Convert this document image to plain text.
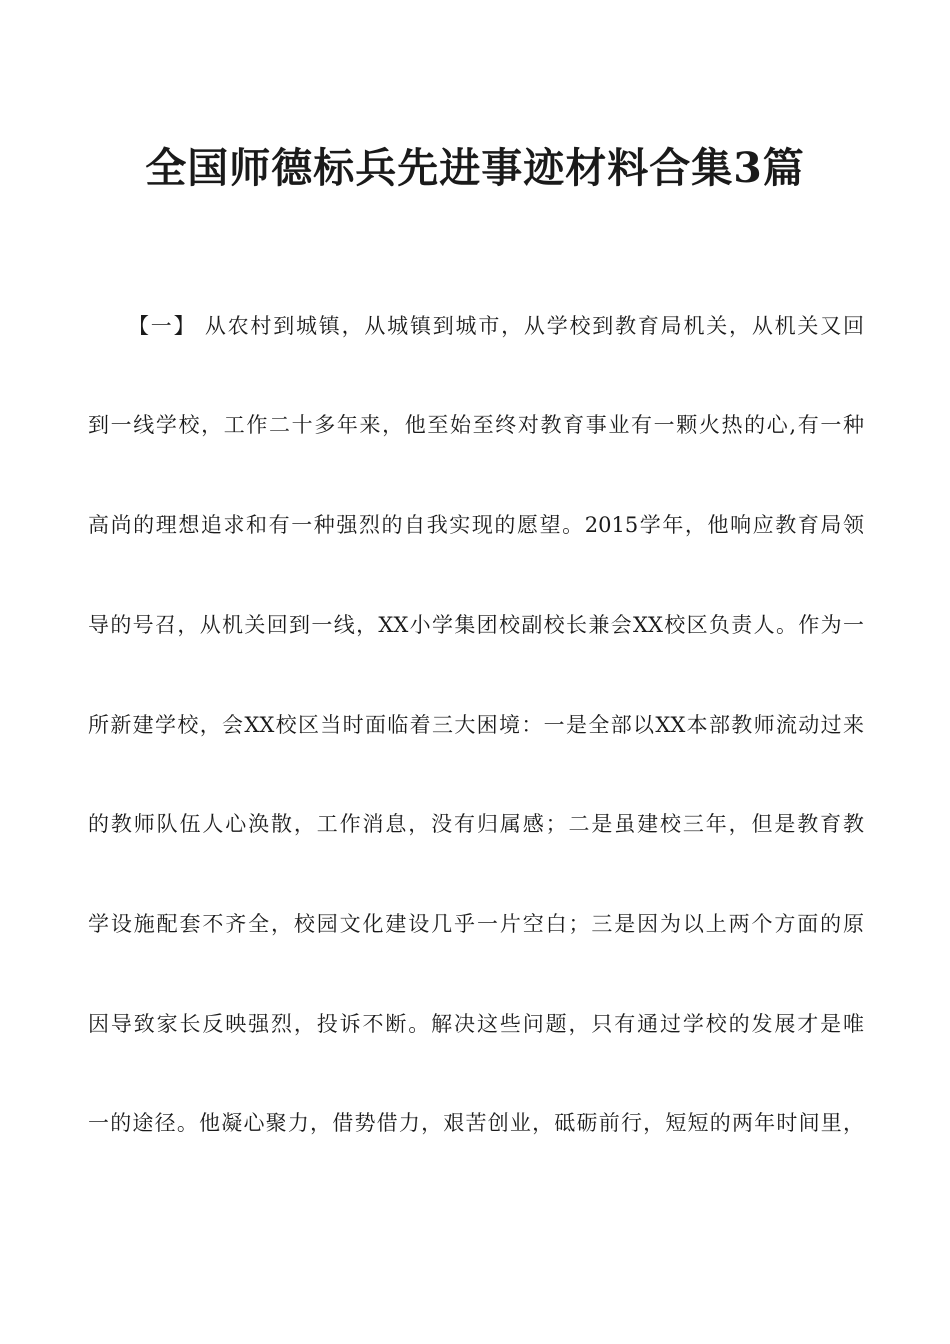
全国师德标兵先进事迹材料合集3篇

【一】 从农村到城镇，从城镇到城市，从学校到教育局机关，从机关又回

到一线学校，工作二十多年来，他至始至终对教育事业有一颗火热的心,有一种

高尚的理想追求和有一种强烈的自我实现的愿望。2015学年，他响应教育局领

导的号召，从机关回到一线，XX小学集团校副校长兼会XX校区负责人。作为一

所新建学校，会XX校区当时面临着三大困境：一是全部以XX本部教师流动过来

的教师队伍人心涣散，工作消息，没有归属感；二是虽建校三年，但是教育教

学设施配套不齐全，校园文化建设几乎一片空白；三是因为以上两个方面的原

因导致家长反映强烈，投诉不断。解决这些问题，只有通过学校的发展才是唯

一的途径。他凝心聚力，借势借力，艰苦创业，砥砺前行，短短的两年时间里，
